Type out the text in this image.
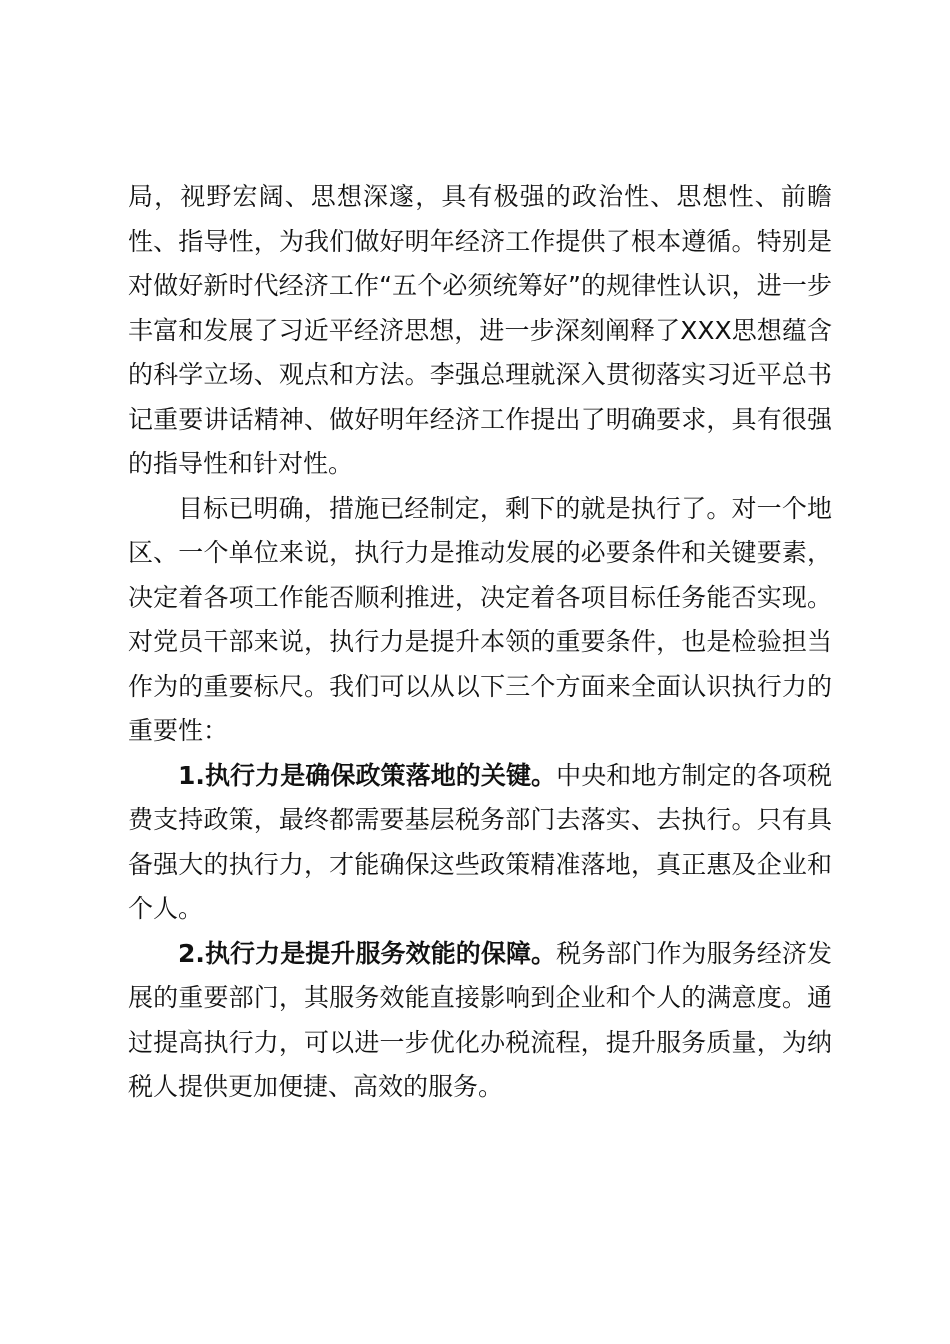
局，视野宏阔、思想深邃，具有极强的政治性、思想性、前瞻性、指导性，为我们做好明年经济工作提供了根本遵循。特别是对做好新时代经济工作“五个必须统筹好”的规律性认识，进一步丰富和发展了习近平经济思想，进一步深刻阐释了XXX思想蕴含的科学立场、观点和方法。李强总理就深入贯彻落实习近平总书记重要讲话精神、做好明年经济工作提出了明确要求，具有很强的指导性和针对性。

目标已明确，措施已经制定，剩下的就是执行了。对一个地区、一个单位来说，执行力是推动发展的必要条件和关键要素，决定着各项工作能否顺利推进，决定着各项目标任务能否实现。对党员干部来说，执行力是提升本领的重要条件，也是检验担当作为的重要标尺。我们可以从以下三个方面来全面认识执行力的重要性：

1.执行力是确保政策落地的关键。中央和地方制定的各项税费支持政策，最终都需要基层税务部门去落实、去执行。只有具备强大的执行力，才能确保这些政策精准落地，真正惠及企业和个人。

2.执行力是提升服务效能的保障。税务部门作为服务经济发展的重要部门，其服务效能直接影响到企业和个人的满意度。通过提高执行力，可以进一步优化办税流程，提升服务质量，为纳税人提供更加便捷、高效的服务。
